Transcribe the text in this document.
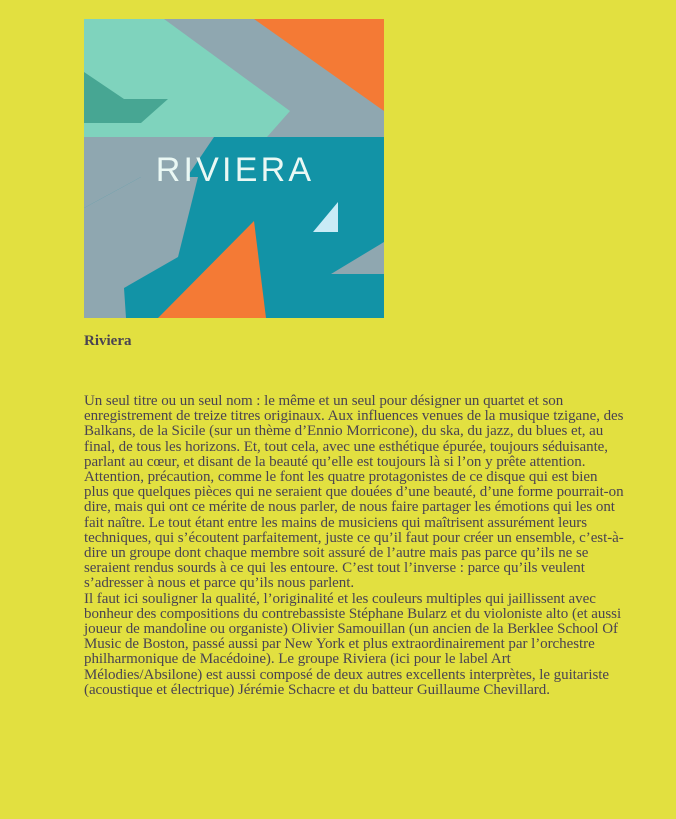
RIVIERA
Riviera

Un seul titre ou un seul nom : le même et un seul pour désigner un quartet et son enregistrement de treize titres originaux. Aux influences venues de la musique tzigane, des Balkans, de la Sicile (sur un thème d’Ennio Morricone), du ska, du jazz, du blues et, au final, de tous les horizons. Et, tout cela, avec une esthétique épurée, toujours séduisante, parlant au cœur, et disant de la beauté qu’elle est toujours là si l’on y prête attention. Attention, précaution, comme le font les quatre protagonistes de ce disque qui est bien plus que quelques pièces qui ne seraient que douées d’une beauté, d’une forme pourrait-on dire, mais qui ont ce mérite de nous parler, de nous faire partager les émotions qui les ont fait naître. Le tout étant entre les mains de musiciens qui maîtrisent assurément leurs techniques, qui s’écoutent parfaitement, juste ce qu’il faut pour créer un ensemble, c’est-à-dire un groupe dont chaque membre soit assuré de l’autre mais pas parce qu’ils ne se seraient rendus sourds à ce qui les entoure. C’est tout l’inverse : parce qu’ils veulent s’adresser à nous et parce qu’ils nous parlent.

Il faut ici souligner la qualité, l’originalité et les couleurs multiples qui jaillissent avec bonheur des compositions du contrebassiste Stéphane Bularz et du violoniste alto (et aussi joueur de mandoline ou organiste) Olivier Samouillan (un ancien de la Berklee School Of Music de Boston, passé aussi par New York et plus extraordinairement par l’orchestre philharmonique de Macédoine). Le groupe Riviera (ici pour le label Art Mélodies/Absilone) est aussi composé de deux autres excellents interprètes, le guitariste (acoustique et électrique) Jérémie Schacre et du batteur Guillaume Chevillard.
